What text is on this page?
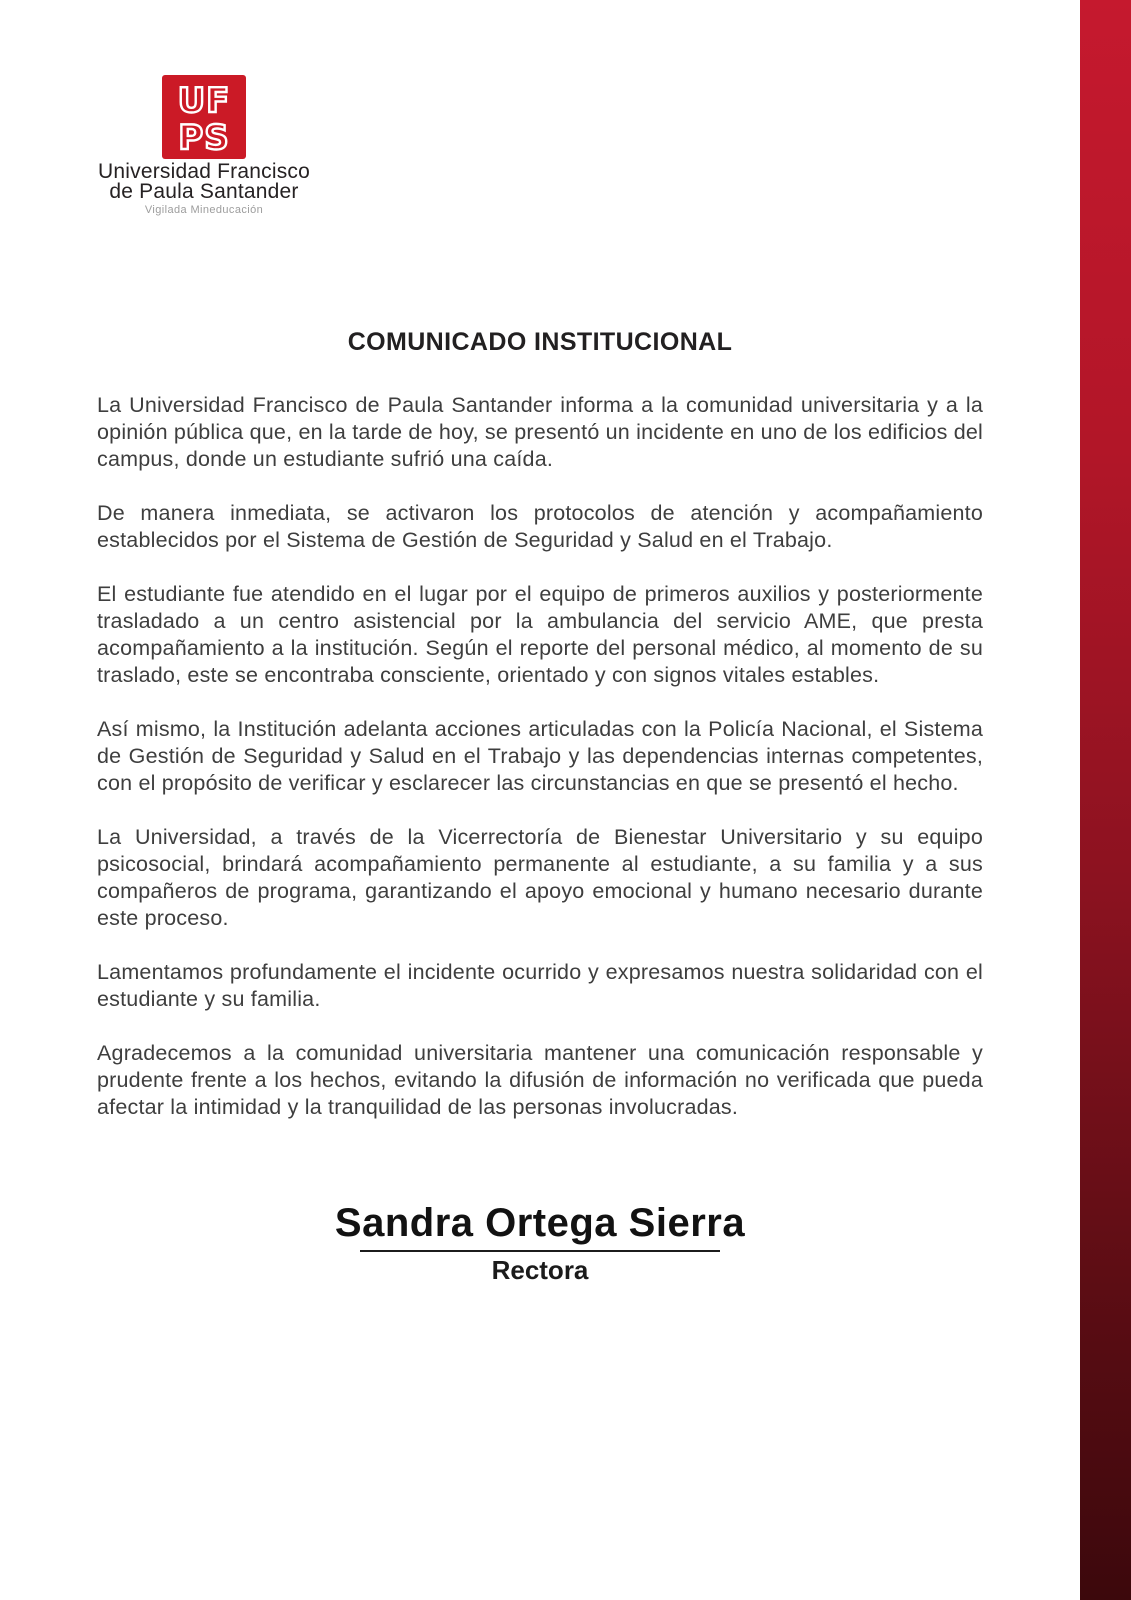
UF
PS
Universidad Francisco
de Paula Santander
Vigilada Mineducación
COMUNICADO INSTITUCIONAL

La Universidad Francisco de Paula Santander informa a la comunidad universitaria y a la opinión pública que, en la tarde de hoy, se presentó un incidente en uno de los edificios del campus, donde un estudiante sufrió una caída.

De manera inmediata, se activaron los protocolos de atención y acompañamiento establecidos por el Sistema de Gestión de Seguridad y Salud en el Trabajo.

El estudiante fue atendido en el lugar por el equipo de primeros auxilios y posteriormente trasladado a un centro asistencial por la ambulancia del servicio AME, que presta acompañamiento a la institución. Según el reporte del personal médico, al momento de su traslado, este se encontraba consciente, orientado y con signos vitales estables.

Así mismo, la Institución adelanta acciones articuladas con la Policía Nacional, el Sistema de Gestión de Seguridad y Salud en el Trabajo y las dependencias internas competentes, con el propósito de verificar y esclarecer las circunstancias en que se presentó el hecho.

La Universidad, a través de la Vicerrectoría de Bienestar Universitario y su equipo psicosocial, brindará acompañamiento permanente al estudiante, a su familia y a sus compañeros de programa, garantizando el apoyo emocional y humano necesario durante este proceso.

Lamentamos profundamente el incidente ocurrido y expresamos nuestra solidaridad con el estudiante y su familia.

Agradecemos a la comunidad universitaria mantener una comunicación responsable y prudente frente a los hechos, evitando la difusión de información no verificada que pueda afectar la intimidad y la tranquilidad de las personas involucradas.

Sandra Ortega Sierra
Rectora
